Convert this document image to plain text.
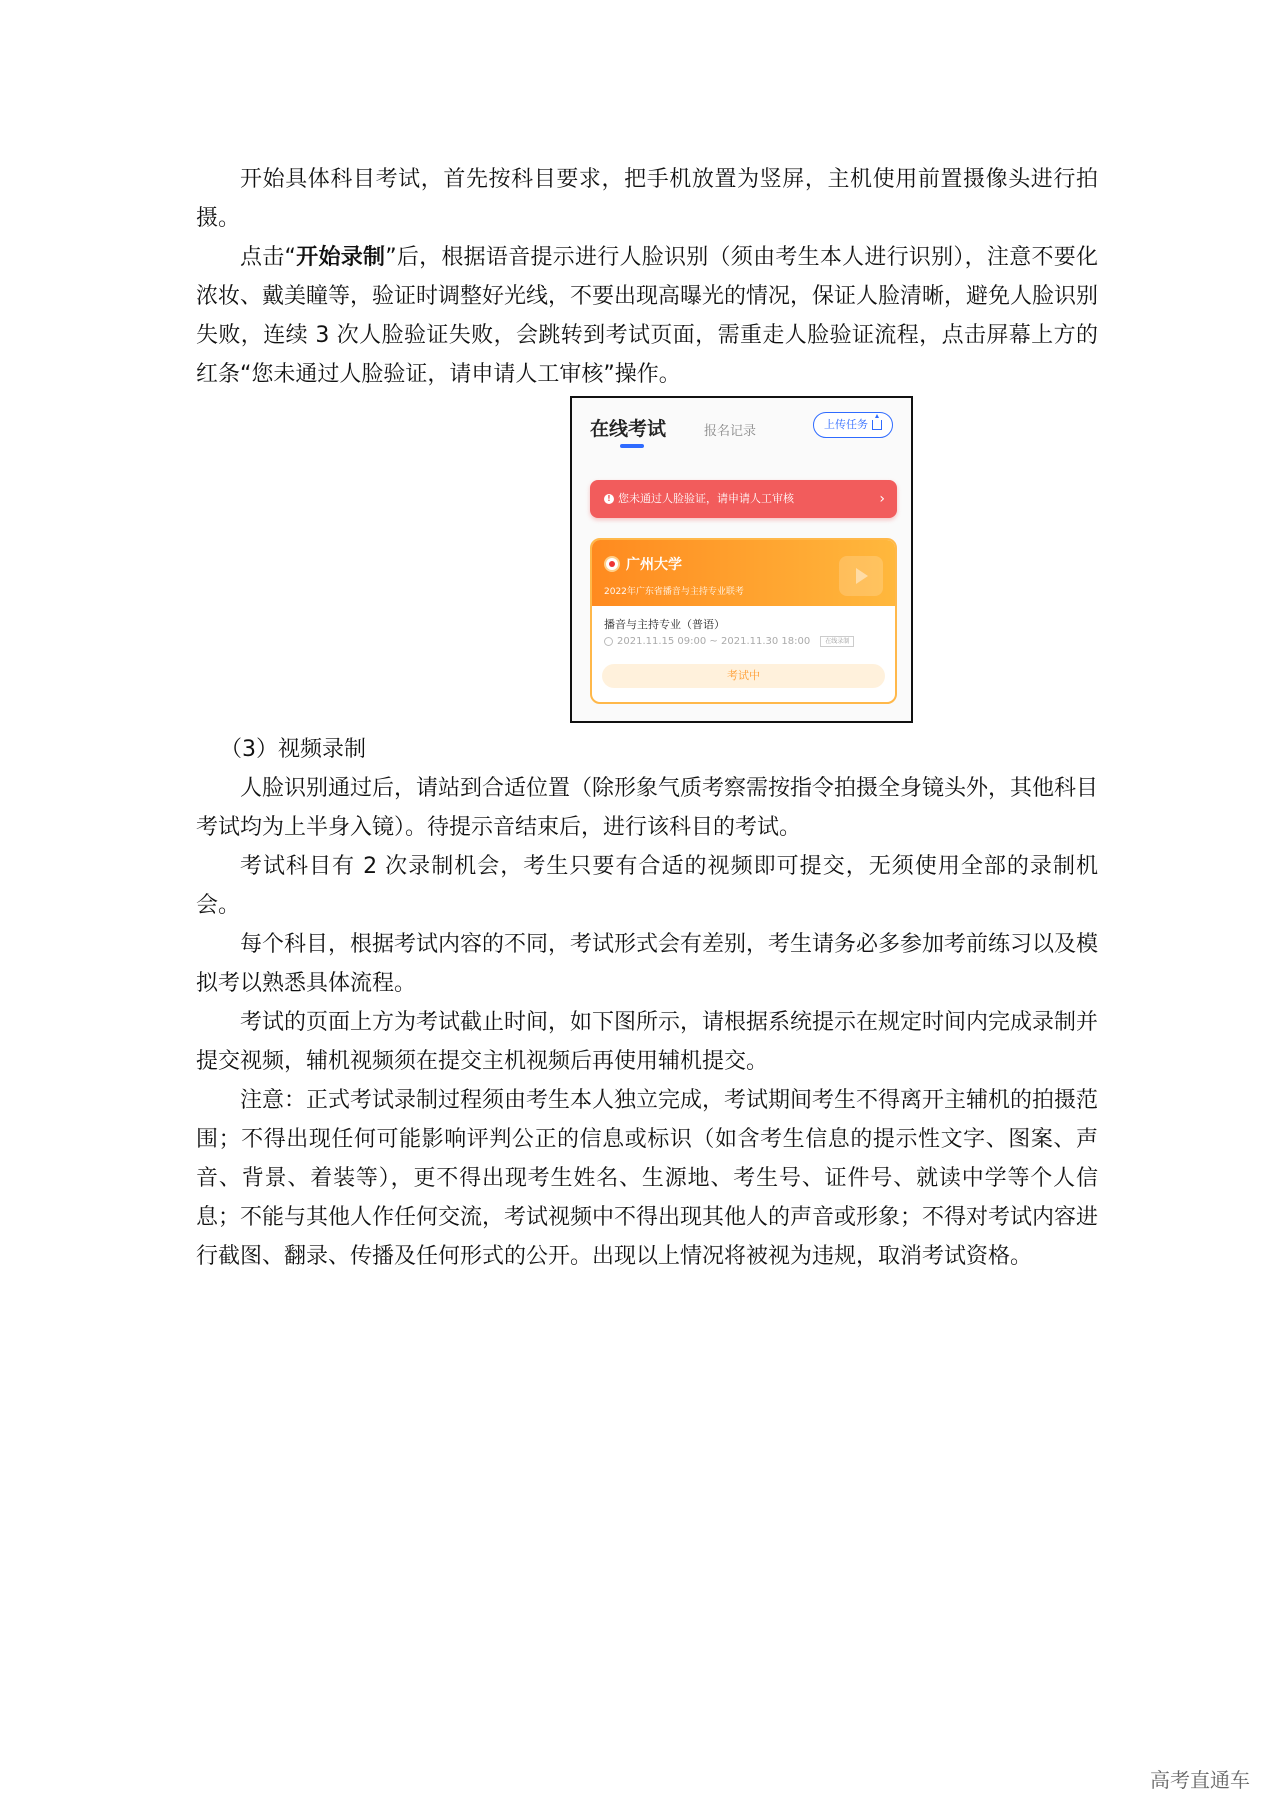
开始具体科目考试，首先按科目要求，把手机放置为竖屏，主机使用前置摄像头进行拍摄。

点击“开始录制”后，根据语音提示进行人脸识别（须由考生本人进行识别），注意不要化浓妆、戴美瞳等，验证时调整好光线，不要出现高曝光的情况，保证人脸清晰，避免人脸识别失败，连续 3 次人脸验证失败，会跳转到考试页面，需重走人脸验证流程，点击屏幕上方的红条“您未通过人脸验证，请申请人工审核”操作。

在线考试	报名记录	上传任务
! 您未通过人脸验证，请申请人工审核	›
广州大学
2022年广东省播音与主持专业联考
播音与主持专业（普语）
2021.11.15 09:00 ~ 2021.11.30 18:00	在线录制
考试中

（3）视频录制

人脸识别通过后，请站到合适位置（除形象气质考察需按指令拍摄全身镜头外，其他科目考试均为上半身入镜）。待提示音结束后，进行该科目的考试。

考试科目有 2 次录制机会，考生只要有合适的视频即可提交，无须使用全部的录制机会。

每个科目，根据考试内容的不同，考试形式会有差别，考生请务必多参加考前练习以及模拟考以熟悉具体流程。

考试的页面上方为考试截止时间，如下图所示，请根据系统提示在规定时间内完成录制并提交视频，辅机视频须在提交主机视频后再使用辅机提交。

注意：正式考试录制过程须由考生本人独立完成，考试期间考生不得离开主辅机的拍摄范围；不得出现任何可能影响评判公正的信息或标识（如含考生信息的提示性文字、图案、声音、背景、着装等），更不得出现考生姓名、生源地、考生号、证件号、就读中学等个人信息；不能与其他人作任何交流，考试视频中不得出现其他人的声音或形象；不得对考试内容进行截图、翻录、传播及任何形式的公开。出现以上情况将被视为违规，取消考试资格。

高考直通车
